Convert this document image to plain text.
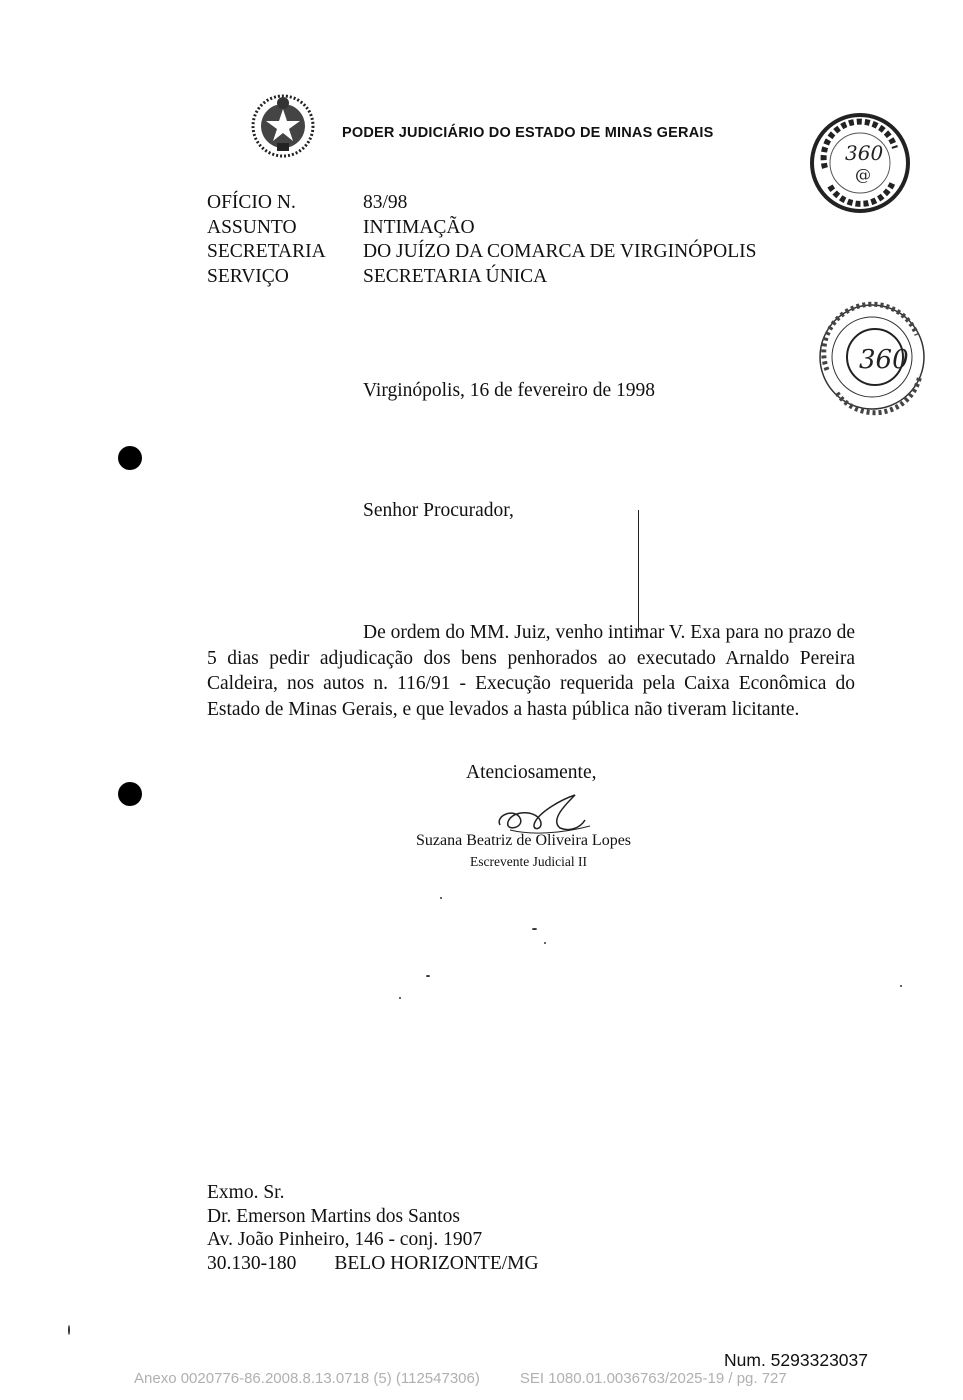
PODER JUDICIÁRIO DO ESTADO DE MINAS GERAIS
OFÍCIO N.	83/98
ASSUNTO	INTIMAÇÃO
SECRETARIA	DO JUÍZO DA COMARCA DE VIRGINÓPOLIS
SERVIÇO	SECRETARIA ÚNICA
360
@
360
Virginópolis, 16 de fevereiro de 1998
Senhor Procurador,

De ordem do MM. Juiz, venho intimar V. Exa para no prazo de 5 dias pedir adjudicação dos bens penhorados ao executado Arnaldo Pereira Caldeira, nos autos n. 116/91 - Execução requerida pela Caixa Econômica do Estado de Minas Gerais, e que levados a hasta pública não tiveram licitante.

Atenciosamente,
Suzana Beatriz de Oliveira Lopes
Escrevente Judicial II
Exmo. Sr.
Dr. Emerson Martins dos Santos
Av. João Pinheiro, 146 - conj. 1907
30.130-180 BELO HORIZONTE/MG
Num. 5293323037
Anexo 0020776-86.2008.8.13.0718 (5) (112547306)	SEI 1080.01.0036763/2025-19 / pg. 727
